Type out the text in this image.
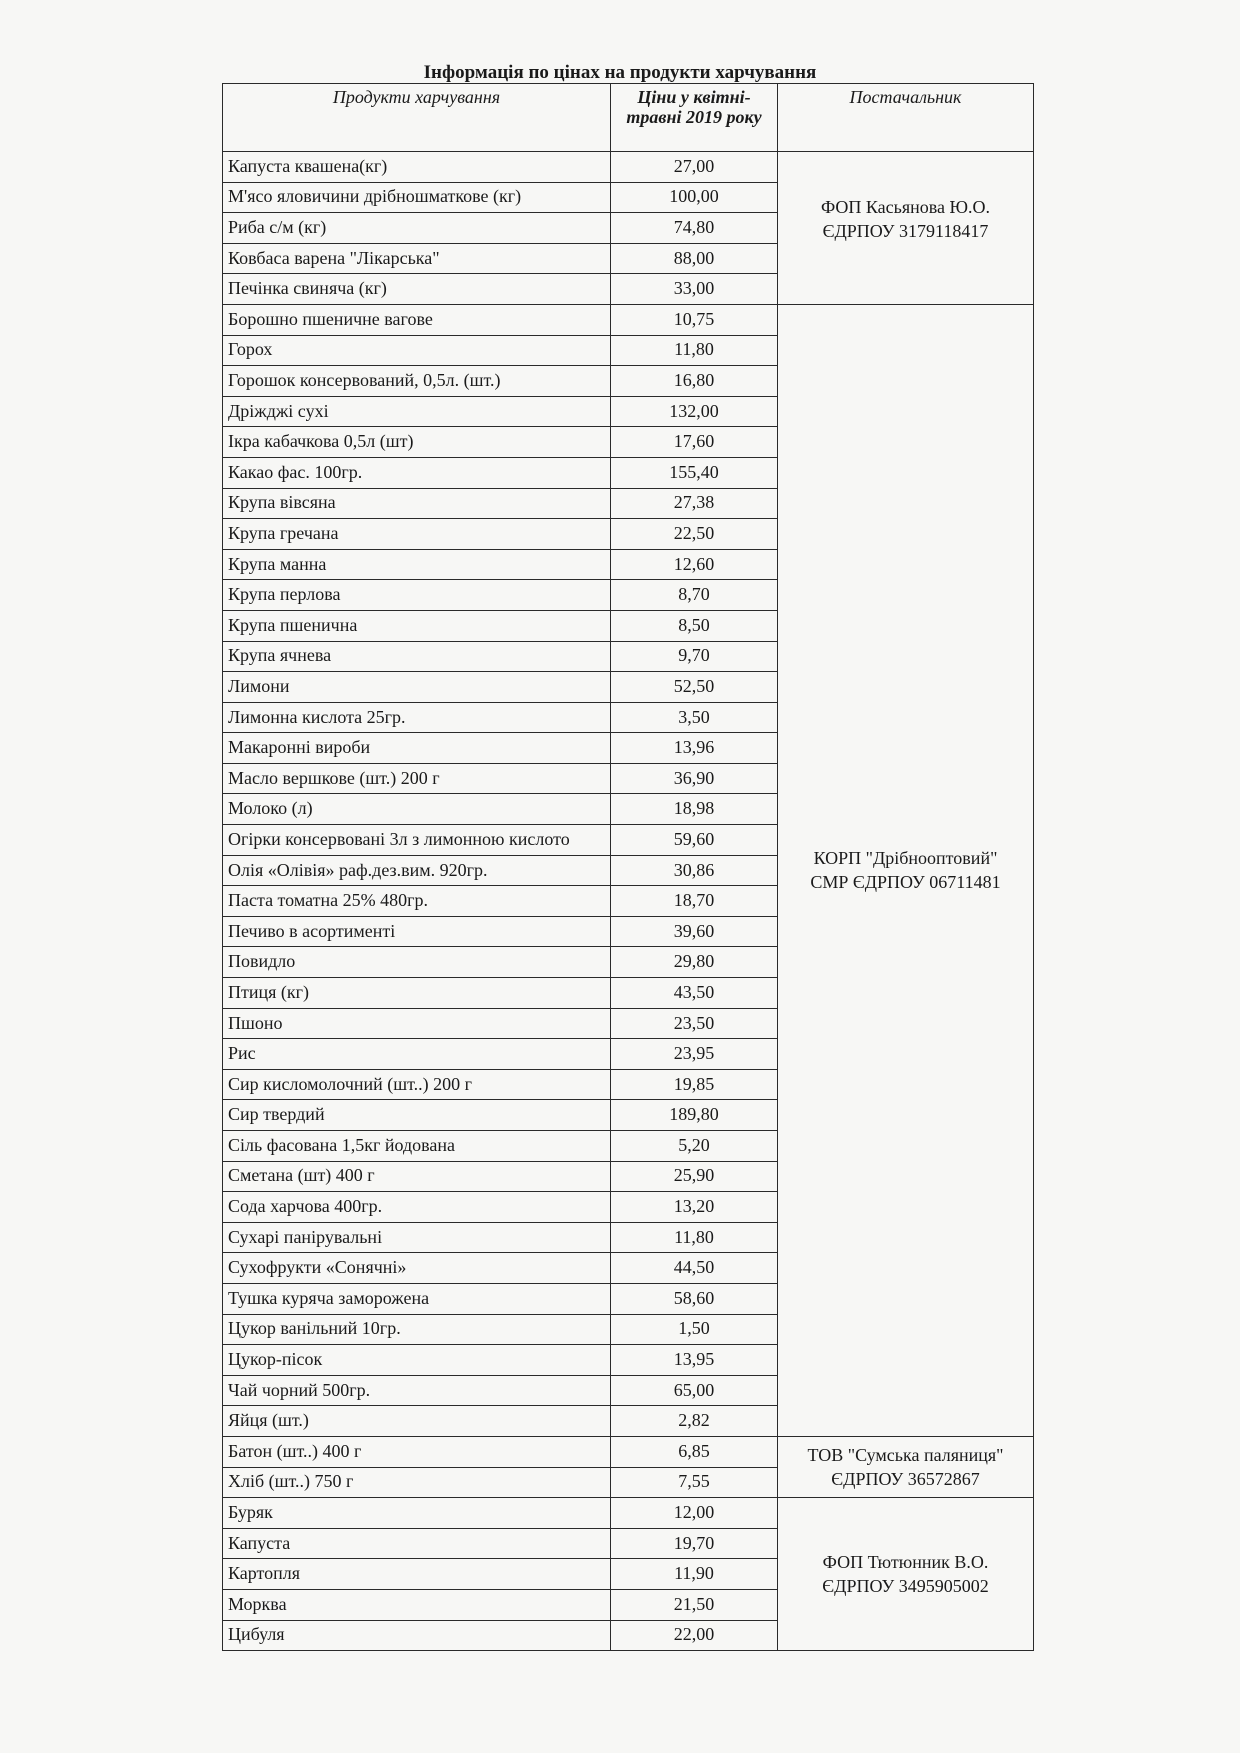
Інформація по цінах на продукти харчування
Продукти харчування	Ціни у квітні-травні 2019 року	Постачальник
Капуста квашена(кг)	27,00	ФОП Касьянова Ю.О.
ЄДРПОУ 3179118417

М'ясо яловичини дрібношматкове (кг)	100,00	
Риба с/м (кг)	74,80	
Ковбаса варена "Лікарська"	88,00	
Печінка свиняча (кг)	33,00	
Борошно пшеничне вагове	10,75	КОРП "Дрібнооптовий"
СМР ЄДРПОУ 06711481

Горох	11,80	
Горошок консервований, 0,5л. (шт.)	16,80	
Дріжджі сухі	132,00	
Ікра кабачкова 0,5л (шт)	17,60	
Какао фас. 100гр.	155,40	
Крупа вівсяна	27,38	
Крупа гречана	22,50	
Крупа манна	12,60	
Крупа перлова	8,70	
Крупа пшенична	8,50	
Крупа ячнева	9,70	
Лимони	52,50	
Лимонна кислота 25гр.	3,50	
Макаронні вироби	13,96	
Масло вершкове (шт.) 200 г	36,90	
Молоко (л)	18,98	
Огірки консервовані 3л з лимонною кислото	59,60	
Олія «Олівія» раф.дез.вим. 920гр.	30,86	
Паста томатна 25% 480гр.	18,70	
Печиво в асортименті	39,60	
Повидло	29,80	
Птиця (кг)	43,50	
Пшоно	23,50	
Рис	23,95	
Сир кисломолочний (шт..) 200 г	19,85	
Сир твердий	189,80	
Сіль фасована 1,5кг йодована	5,20	
Сметана (шт) 400 г	25,90	
Сода харчова 400гр.	13,20	
Сухарі панірувальні	11,80	
Сухофрукти «Сонячні»	44,50	
Тушка куряча заморожена	58,60	
Цукор ванільний 10гр.	1,50	
Цукор-пісок	13,95	
Чай чорний 500гр.	65,00	
Яйця (шт.)	2,82	
Батон (шт..) 400 г	6,85	ТОВ "Сумська паляниця"
ЄДРПОУ 36572867

Хліб (шт..) 750 г	7,55	
Буряк	12,00	ФОП Тютюнник В.О.
ЄДРПОУ 3495905002

Капуста	19,70	
Картопля	11,90	
Морква	21,50	
Цибуля	22,00	
